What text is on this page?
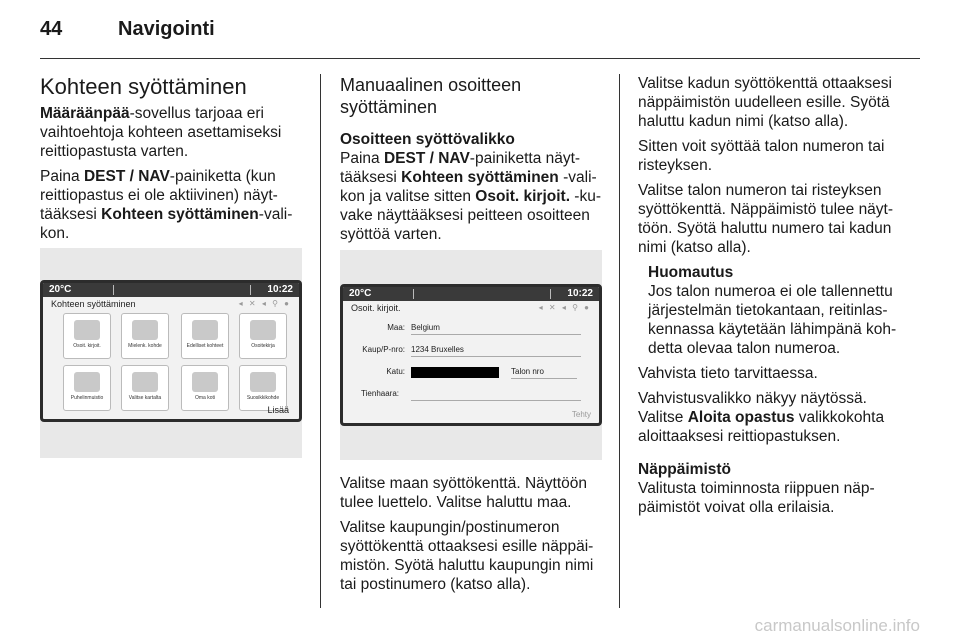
44	Navigointi
Kohteen syöttäminen

Määräänpää-sovellus tarjoaa eri vaihtoehtoja kohteen asettamiseksi reittiopastusta varten.

Paina DEST / NAV-painiketta (kun reittiopastus ei ole aktiivinen) näyttääksesi Kohteen syöttäminen-valikon.

20°C	10:22
Kohteen syöttäminen	◂ ✕ ◂ ⚲ ●
Osoit. kirjoit.	Mielenk. kohde	Edelliset kohteet	Osoitekirja
Puhelinmuistio	Valitse kartalta	Oma koti	Suosikkikohde
Lisää
Manuaalinen osoitteen syöttäminen
Osoitteen syöttövalikko

Paina DEST / NAV-painiketta näyttääksesi Kohteen syöttäminen -valikon ja valitse sitten Osoit. kirjoit. -kuvake näyttääksesi peitteen osoitteen syöttöä varten.

20°C	10:22
Osoit. kirjoit.	◂ ✕ ◂ ⚲ ●
Maa: Belgium
Kaup/P-nro: 1234 Bruxelles
Katu:	Talon nro
Tienhaara:
Tehty

Valitse maan syöttökenttä. Näyttöön tulee luettelo. Valitse haluttu maa.

Valitse kaupungin/postinumeron syöttökenttä ottaaksesi esille näppäimistön. Syötä haluttu kaupungin nimi tai postinumero (katso alla).

Valitse kadun syöttökenttä ottaaksesi näppäimistön uudelleen esille. Syötä haluttu kadun nimi (katso alla).

Sitten voit syöttää talon numeron tai risteyksen.

Valitse talon numeron tai risteyksen syöttökenttä. Näppäimistö tulee näyttöön. Syötä haluttu numero tai kadun nimi (katso alla).

Huomautus
Jos talon numeroa ei ole tallennettu järjestelmän tietokantaan, reitinlaskennassa käytetään lähimpänä kohdetta olevaa talon numeroa.

Vahvista tieto tarvittaessa.

Vahvistusvalikko näkyy näytössä. Valitse Aloita opastus valikkokohta aloittaaksesi reittiopastuksen.

Näppäimistö

Valitusta toiminnosta riippuen näppäimistöt voivat olla erilaisia.

carmanualsonline.info
